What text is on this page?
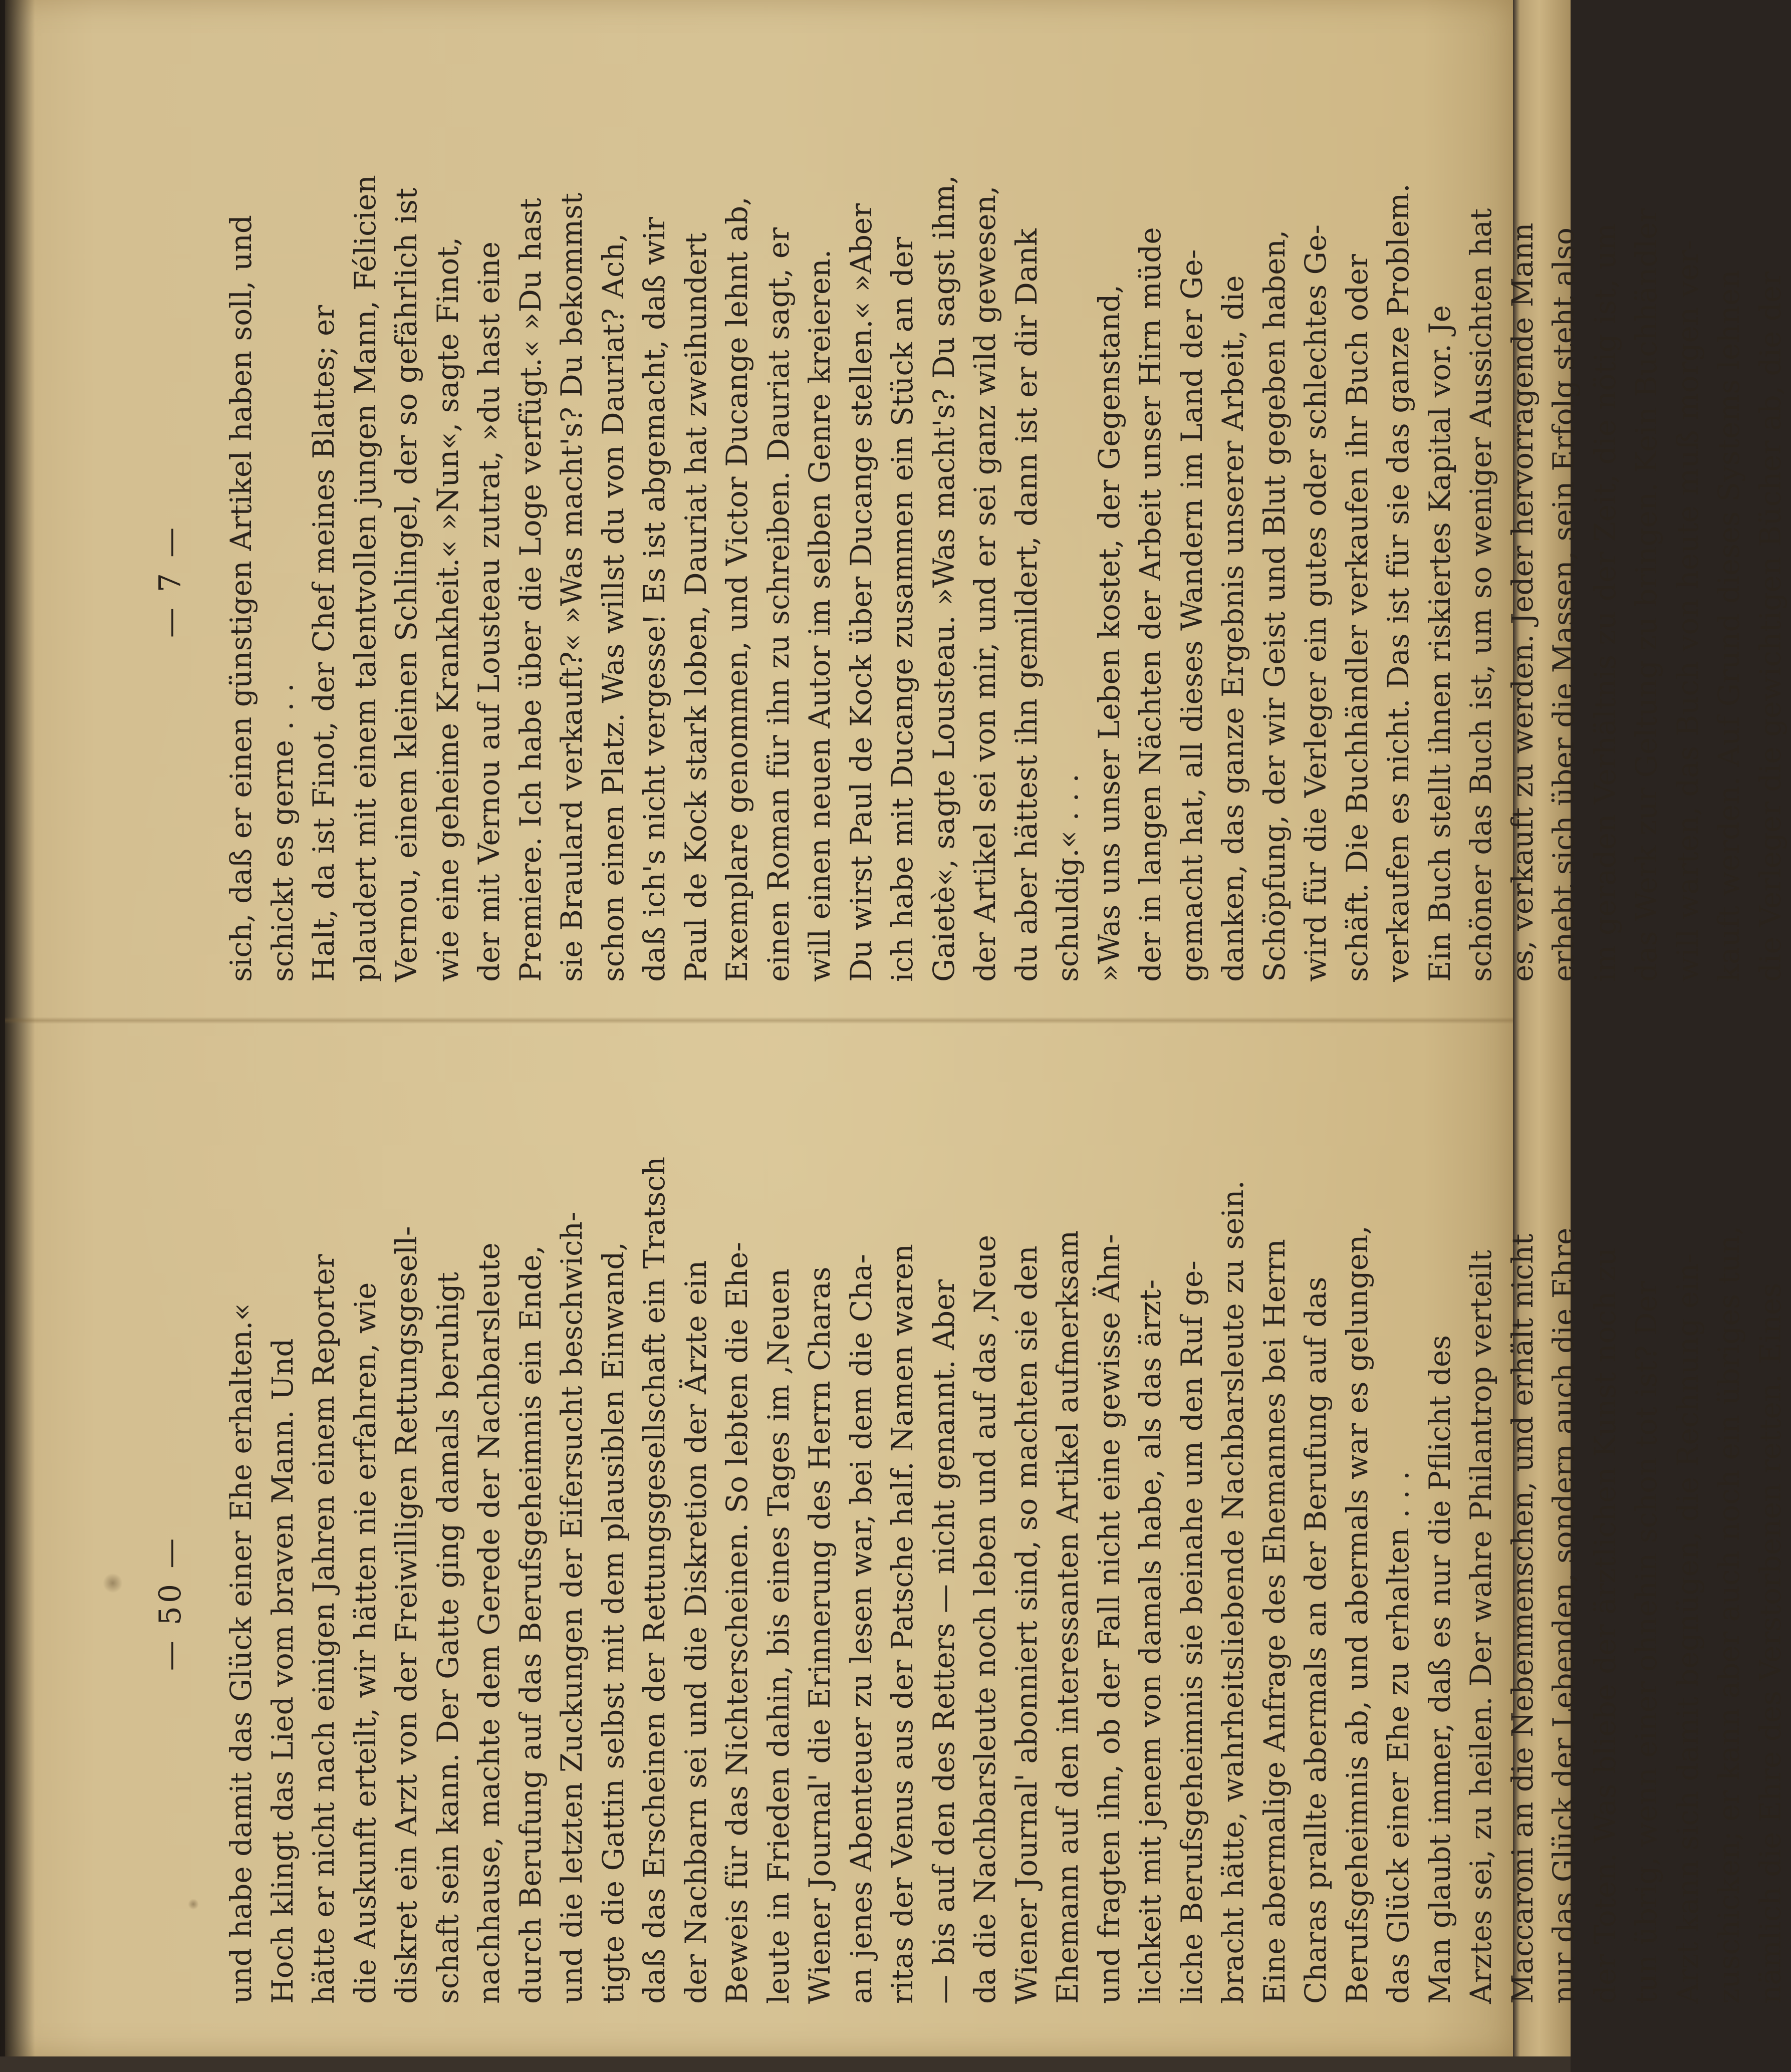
— 7 — sich, daß er einen günstigen Artikel haben soll, und schickt es gerne . . . Halt, da ist Finot, der Chef meines Blattes; er plaudert mit einem talentvollen jungen Mann, Félicien Vernou, einem kleinen Schlingel, der so gefährlich ist wie eine geheime Krankheit.« »Nun«, sagte Finot, der mit Vernou auf Lousteau zutrat, »du hast eine Premiere. Ich habe über die Loge verfügt.« »Du hast sie Braulard verkauft?« »Was macht's? Du bekommst schon einen Platz. Was willst du von Dauriat? Ach, daß ich's nicht vergesse! Es ist abgemacht, daß wir Paul de Kock stark loben, Dauriat hat zweihundert Exemplare genommen, und Victor Ducange lehnt ab, einen Roman für ihn zu schreiben. Dauriat sagt, er will einen neuen Autor im selben Genre kreieren. Du wirst Paul de Kock über Ducange stellen.« »Aber ich habe mit Ducange zusammen ein Stück an der Gaietè«, sagte Lousteau. »Was macht's? Du sagst ihm, der Artikel sei von mir, und er sei ganz wild gewesen, du aber hättest ihn gemildert, dann ist er dir Dank schuldig.« . . . »Was uns unser Leben kostet, der Gegenstand, der in langen Nächten der Arbeit unser Hirn müde gemacht hat, all dieses Wandern im Land der Ge- danken, das ganze Ergebnis unserer Arbeit, die Schöpfung, der wir Geist und Blut gegeben haben, wird für die Verleger ein gutes oder schlechtes Ge- schäft. Die Buchhändler verkaufen ihr Buch oder verkaufen es nicht. Das ist für sie das ganze Problem. Ein Buch stellt ihnen riskiertes Kapital vor. Je schöner das Buch ist, um so weniger Aussichten hat es, verkauft zu werden. Jeder hervorragende Mann erhebt sich über die Massen, sein Erfolg steht also im geraden Verhältnis zu der Zeit, die nötig ist, um das Werk zur Geltung zu bringen. Kein Buchhändler will warten, das Buch von heute muß morgen ver- kauft werden. Auf Grund dieses Systems lehnen die Verleger die gewichtigen Bücher ab, die der
— 50 — und habe damit das Glück einer Ehe erhalten.« Hoch klingt das Lied vom braven Mann. Und hätte er nicht nach einigen Jahren einem Reporter die Auskunft erteilt, wir hätten nie erfahren, wie diskret ein Arzt von der Freiwilligen Rettungsgesell- schaft sein kann. Der Gatte ging damals beruhigt nachhause, machte dem Gerede der Nachbarsleute durch Berufung auf das Berufsgeheimnis ein Ende, und die letzten Zuckungen der Eifersucht beschwich- tigte die Gattin selbst mit dem plausiblen Einwand, daß das Erscheinen der Rettungsgesellschaft ein Tratsch der Nachbarn sei und die Diskretion der Ärzte ein Beweis für das Nichterscheinen. So lebten die Ehe- leute in Frieden dahin, bis eines Tages im ‚Neuen Wiener Journal' die Erinnerung des Herrn Charas an jenes Abenteuer zu lesen war, bei dem die Cha- ritas der Venus aus der Patsche half. Namen waren — bis auf den des Retters — nicht genannt. Aber da die Nachbarsleute noch leben und auf das ‚Neue Wiener Journal' abonniert sind, so machten sie den Ehemann auf den interessanten Artikel aufmerksam und fragten ihn, ob der Fall nicht eine gewisse Ähn- lichkeit mit jenem von damals habe, als das ärzt- liche Berufsgeheimnis sie beinahe um den Ruf ge- bracht hätte, wahrheitsliebende Nachbarsleute zu sein. Eine abermalige Anfrage des Ehemannes bei Herrn Charas prallte abermals an der Berufung auf das Berufsgeheimnis ab, und abermals war es gelungen, das Glück einer Ehe zu erhalten . . . Man glaubt immer, daß es nur die Pflicht des Arztes sei, zu heilen. Der wahre Philantrop verteilt Maccaroni an die Nebenmenschen, und erhält nicht nur das Glück der Lebenden, sondern auch die Ehre der Toten. Was bliebe der ärztlichen Kunst noch zu tun übrig, wenn einer ohnehin schon tot ist? Der Arzt kann sich damit begnügen, die Rechnung ein- zuschicken; er kann aber auch noch ein übriges tun, nämlich die Ehre des Verstorbenen retten. Eines
